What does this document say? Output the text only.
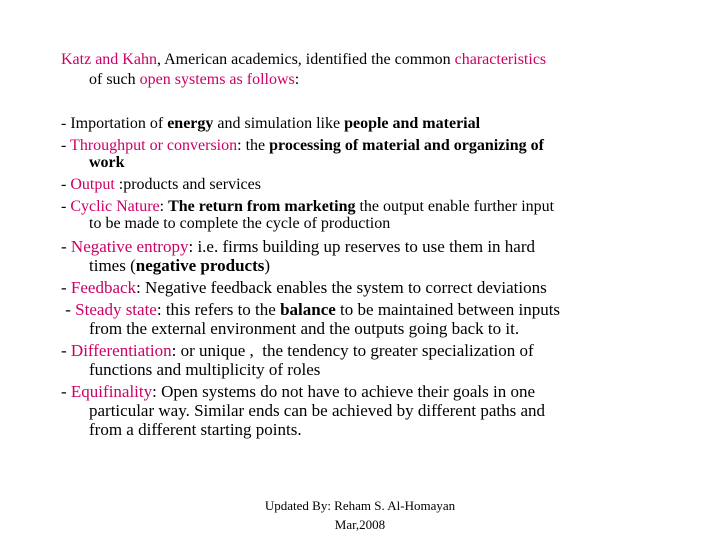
Katz and Kahn, American academics, identified the common characteristics
of such open systems as follows:
- Importation of energy and simulation like people and material
- Throughput or conversion: the processing of material and organizing of
work
- Output :products and services
- Cyclic Nature: The return from marketing the output enable further input
to be made to complete the cycle of production
- Negative entropy: i.e. firms building up reserves to use them in hard
times (negative products)
- Feedback: Negative feedback enables the system to correct deviations
- Steady state: this refers to the balance to be maintained between inputs
from the external environment and the outputs going back to it.
- Differentiation: or unique ,  the tendency to greater specialization of
functions and multiplicity of roles
- Equifinality: Open systems do not have to achieve their goals in one
particular way. Similar ends can be achieved by different paths and
from a different starting points.
Updated By: Reham S. Al-Homayan
Mar,2008
